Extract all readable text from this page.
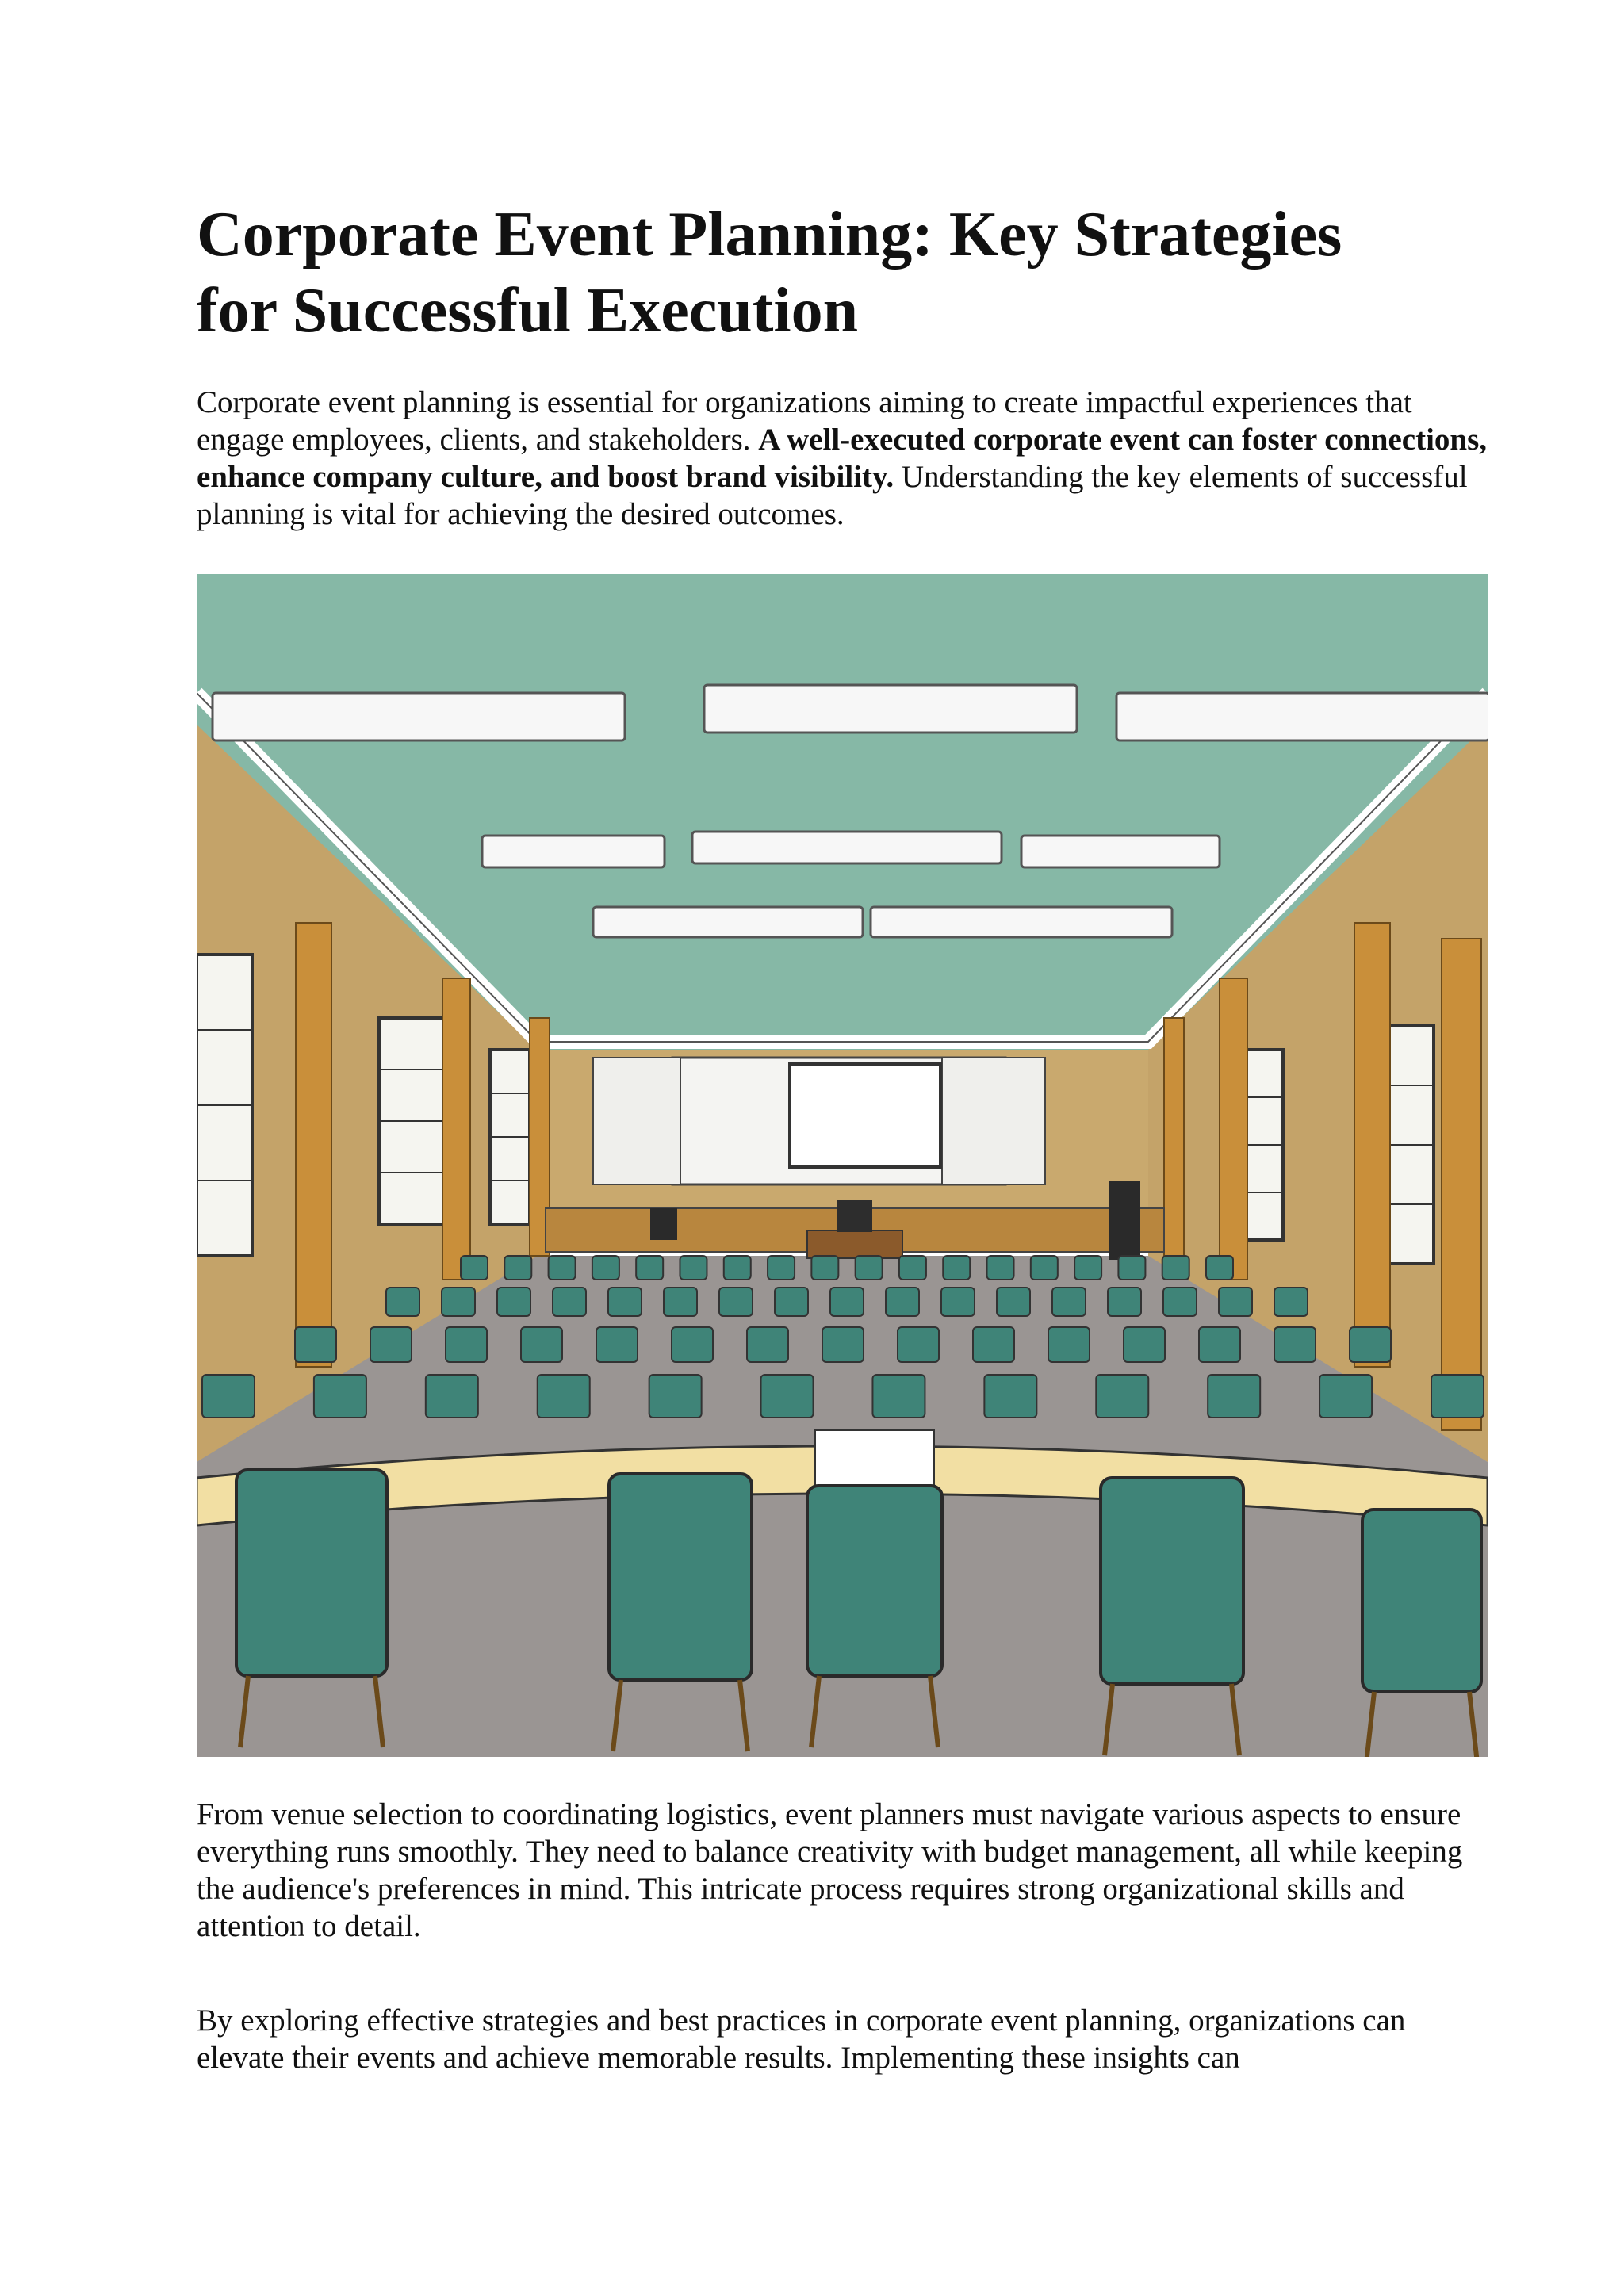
Corporate Event Planning: Key Strategies
for Successful Execution

Corporate event planning is essential for organizations aiming to create impactful experiences that engage employees, clients, and stakeholders. A well-executed corporate event can foster connections, enhance company culture, and boost brand visibility. Understanding the key elements of successful planning is vital for achieving the desired outcomes.

From venue selection to coordinating logistics, event planners must navigate various aspects to ensure everything runs smoothly. They need to balance creativity with budget management, all while keeping the audience's preferences in mind. This intricate process requires strong organizational skills and attention to detail.

By exploring effective strategies and best practices in corporate event planning, organizations can elevate their events and achieve memorable results. Implementing these insights can
